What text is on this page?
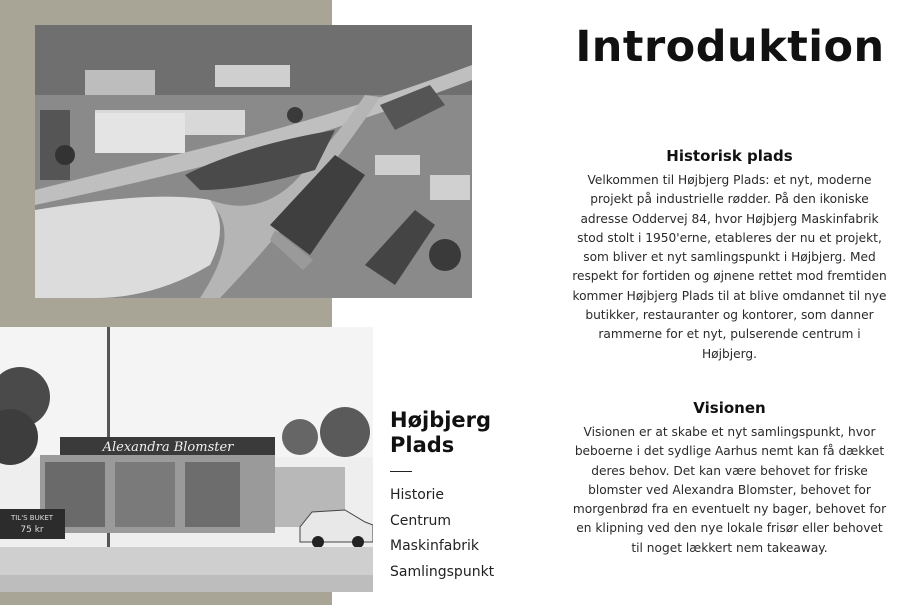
Alexandra Blomster
TIL'S BUKET
75 kr
Højbjerg
Plads
Historie
Centrum
Maskinfabrik
Samlingspunkt
Introduktion
Historisk plads

Velkommen til Højbjerg Plads: et nyt, moderne projekt på industrielle rødder. På den ikoniske adresse Oddervej 84, hvor Højbjerg Maskinfabrik stod stolt i 1950'erne, etableres der nu et projekt, som bliver et nyt samlingspunkt i Højbjerg. Med respekt for fortiden og øjnene rettet mod fremtiden kommer Højbjerg Plads til at blive omdannet til nye butikker, restauranter og kontorer, som danner rammerne for et nyt, pulserende centrum i Højbjerg.

Visionen

Visionen er at skabe et nyt samlingspunkt, hvor beboerne i det sydlige Aarhus nemt kan få dækket deres behov. Det kan være behovet for friske blomster ved Alexandra Blomster, behovet for morgenbrød fra en eventuelt ny bager, behovet for en klipning ved den nye lokale frisør eller behovet til noget lækkert nem takeaway.
